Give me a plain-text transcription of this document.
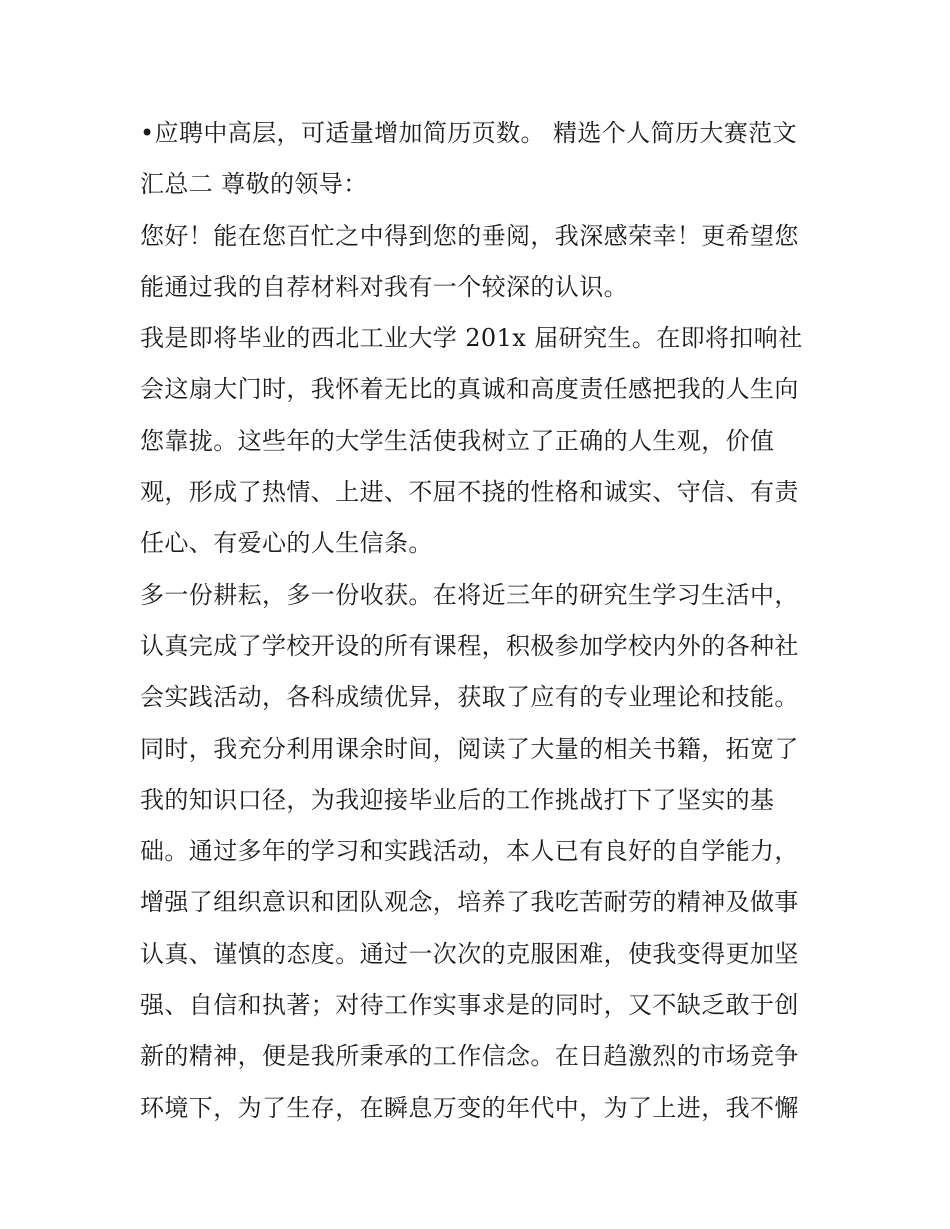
•应聘中高层，可适量增加简历页数。 精选个人简历大赛范文
汇总二 尊敬的领导：
您好！能在您百忙之中得到您的垂阅，我深感荣幸！更希望您
能通过我的自荐材料对我有一个较深的认识。
我是即将毕业的西北工业大学 201x 届研究生。在即将扣响社
会这扇大门时，我怀着无比的真诚和高度责任感把我的人生向
您靠拢。这些年的大学生活使我树立了正确的人生观，价值
观，形成了热情、上进、不屈不挠的性格和诚实、守信、有责
任心、有爱心的人生信条。
多一份耕耘，多一份收获。在将近三年的研究生学习生活中，
认真完成了学校开设的所有课程，积极参加学校内外的各种社
会实践活动，各科成绩优异，获取了应有的专业理论和技能。
同时，我充分利用课余时间，阅读了大量的相关书籍，拓宽了
我的知识口径，为我迎接毕业后的工作挑战打下了坚实的基
础。通过多年的学习和实践活动，本人已有良好的自学能力，
增强了组织意识和团队观念，培养了我吃苦耐劳的精神及做事
认真、谨慎的态度。通过一次次的克服困难，使我变得更加坚
强、自信和执著；对待工作实事求是的同时，又不缺乏敢于创
新的精神，便是我所秉承的工作信念。在日趋激烈的市场竞争
环境下，为了生存，在瞬息万变的年代中，为了上进，我不懈
